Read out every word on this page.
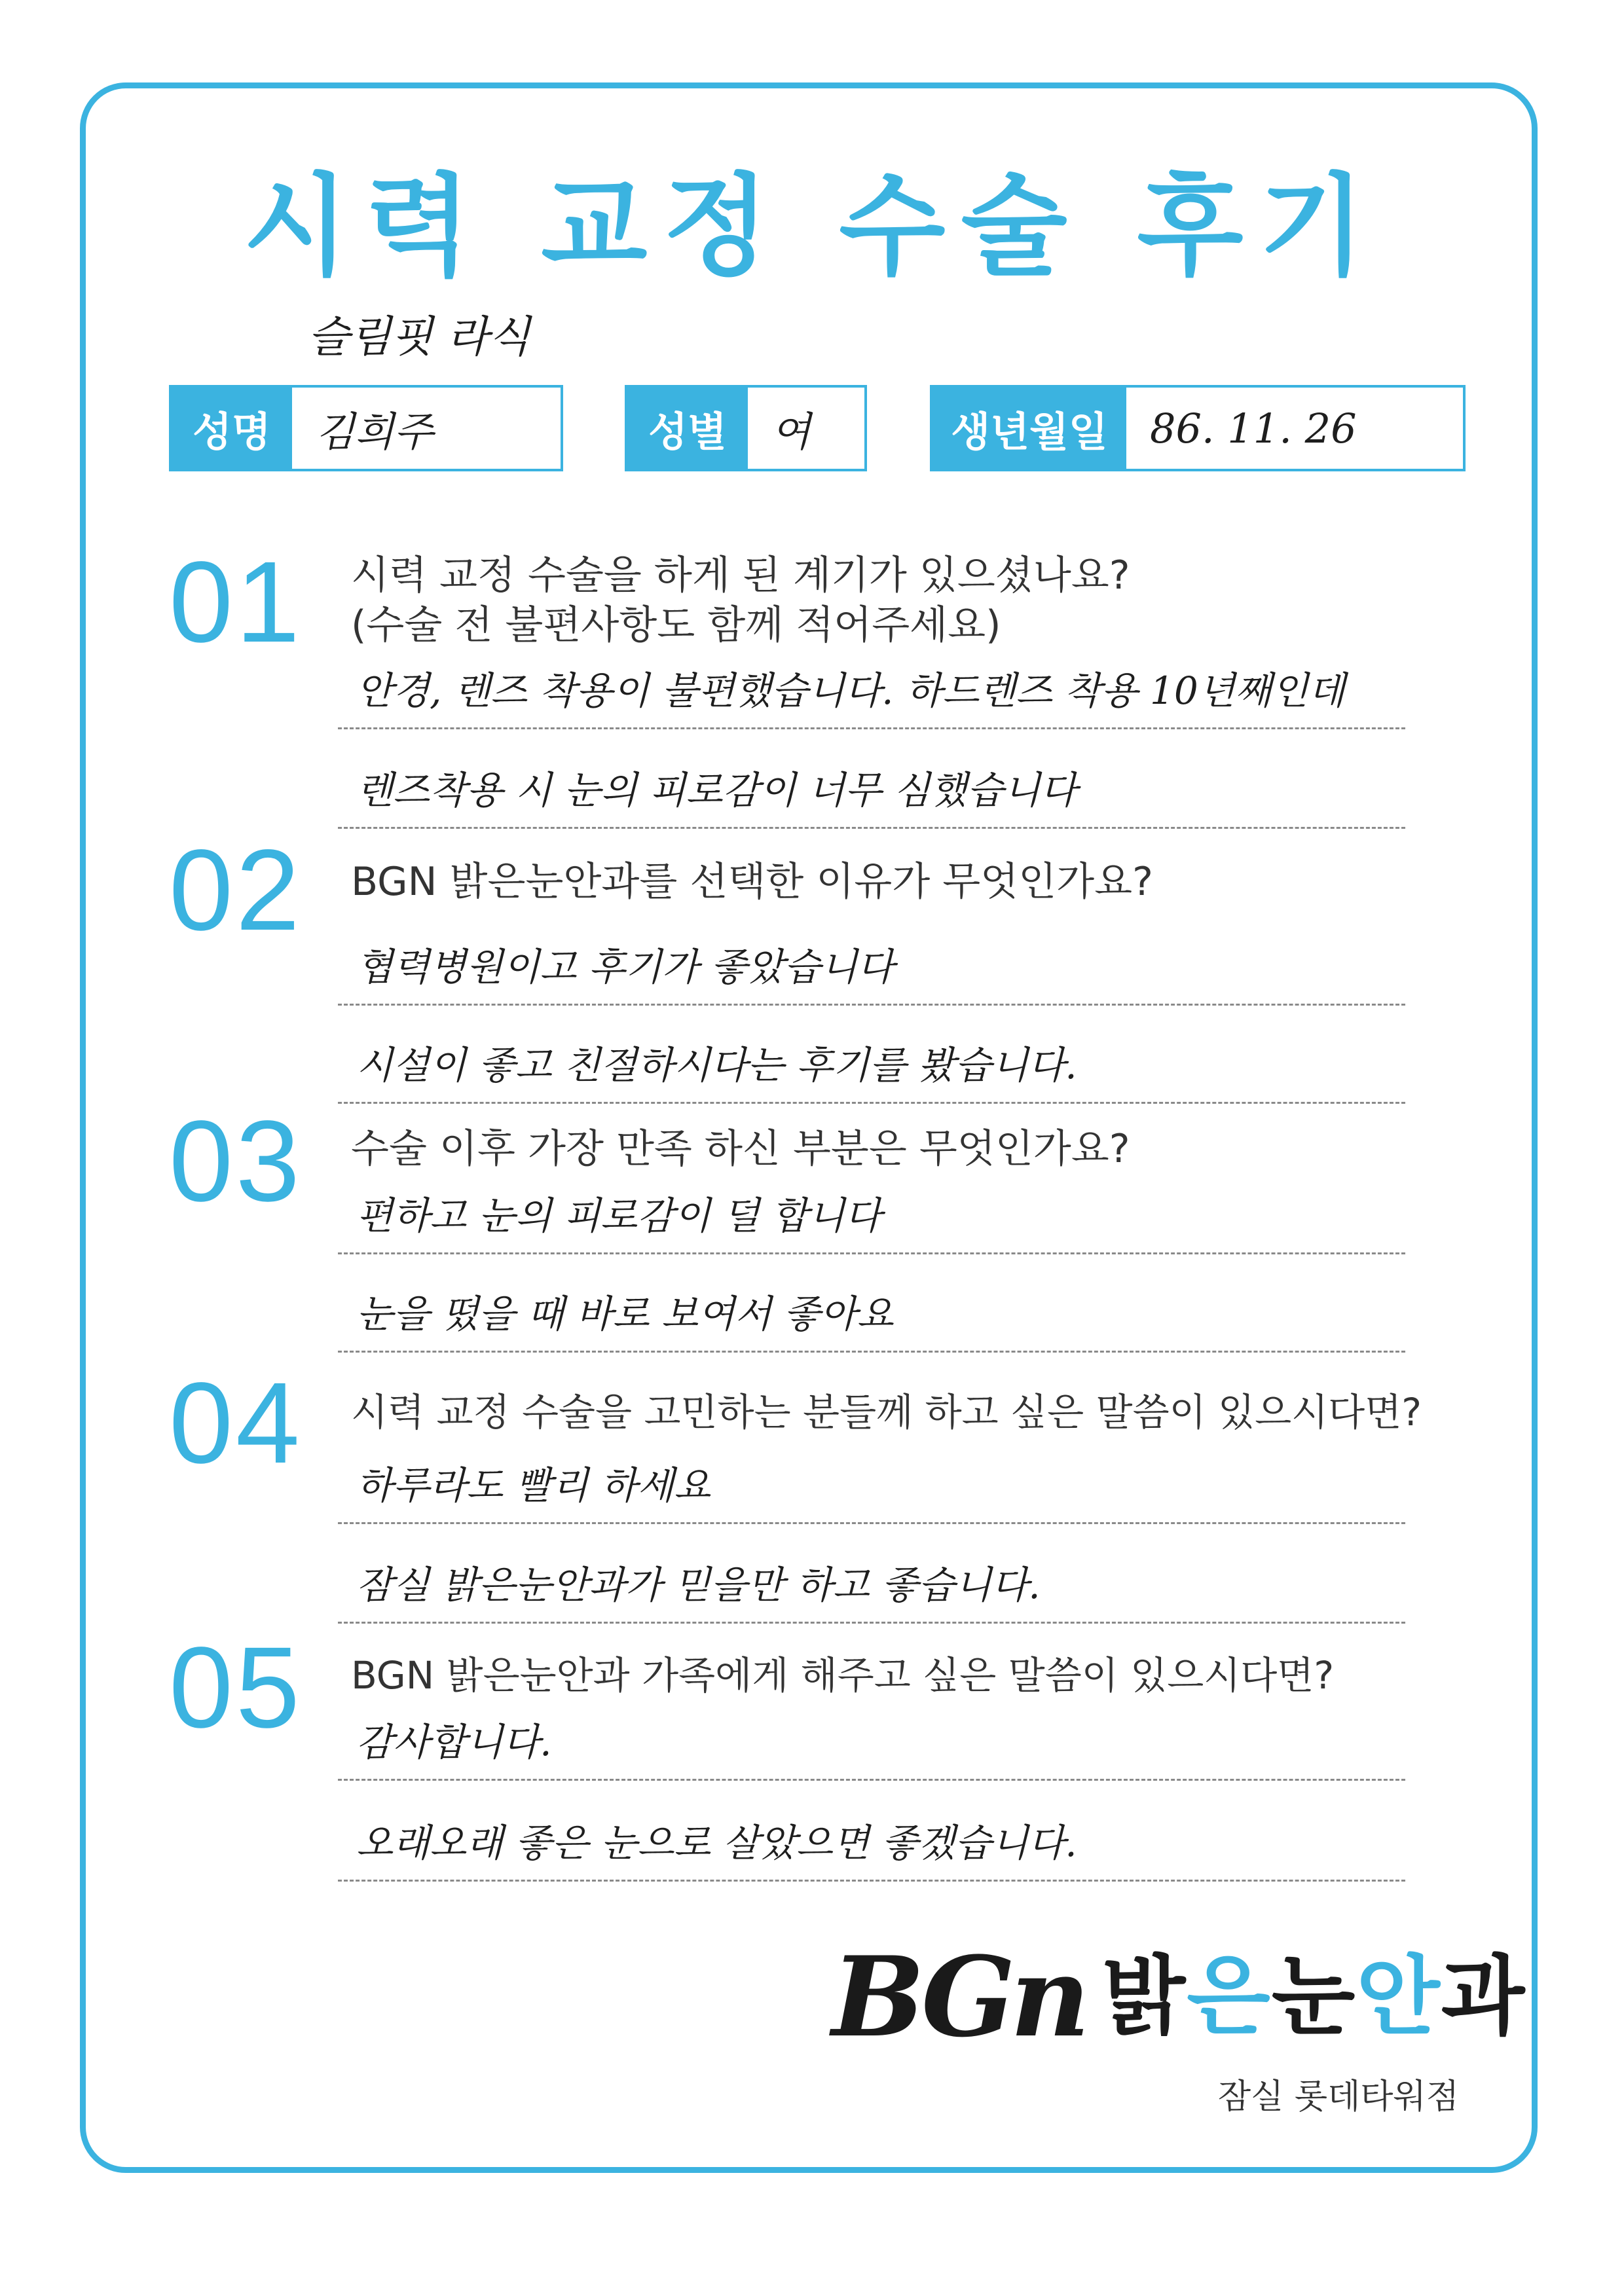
시력 교정 수술 후기
슬림핏 라식
성명	김희주	성별	여	생년월일	86. 11. 26
01 시력 교정 수술을 하게 된 계기가 있으셨나요?
(수술 전 불편사항도 함께 적어주세요)
안경, 렌즈 착용이 불편했습니다. 하드렌즈 착용 10년째인데
렌즈착용 시 눈의 피로감이 너무 심했습니다
02 BGN 밝은눈안과를 선택한 이유가 무엇인가요?
협력병원이고 후기가 좋았습니다
시설이 좋고 친절하시다는 후기를 봤습니다.
03 수술 이후 가장 만족 하신 부분은 무엇인가요?
편하고 눈의 피로감이 덜 합니다
눈을 떴을 때 바로 보여서 좋아요
04 시력 교정 수술을 고민하는 분들께 하고 싶은 말씀이 있으시다면?
하루라도 빨리 하세요
잠실 밝은눈안과가 믿을만 하고 좋습니다.
05 BGN 밝은눈안과 가족에게 해주고 싶은 말씀이 있으시다면?
감사합니다.
오래오래 좋은 눈으로 살았으면 좋겠습니다.
BGn 밝은눈안과
잠실 롯데타워점
